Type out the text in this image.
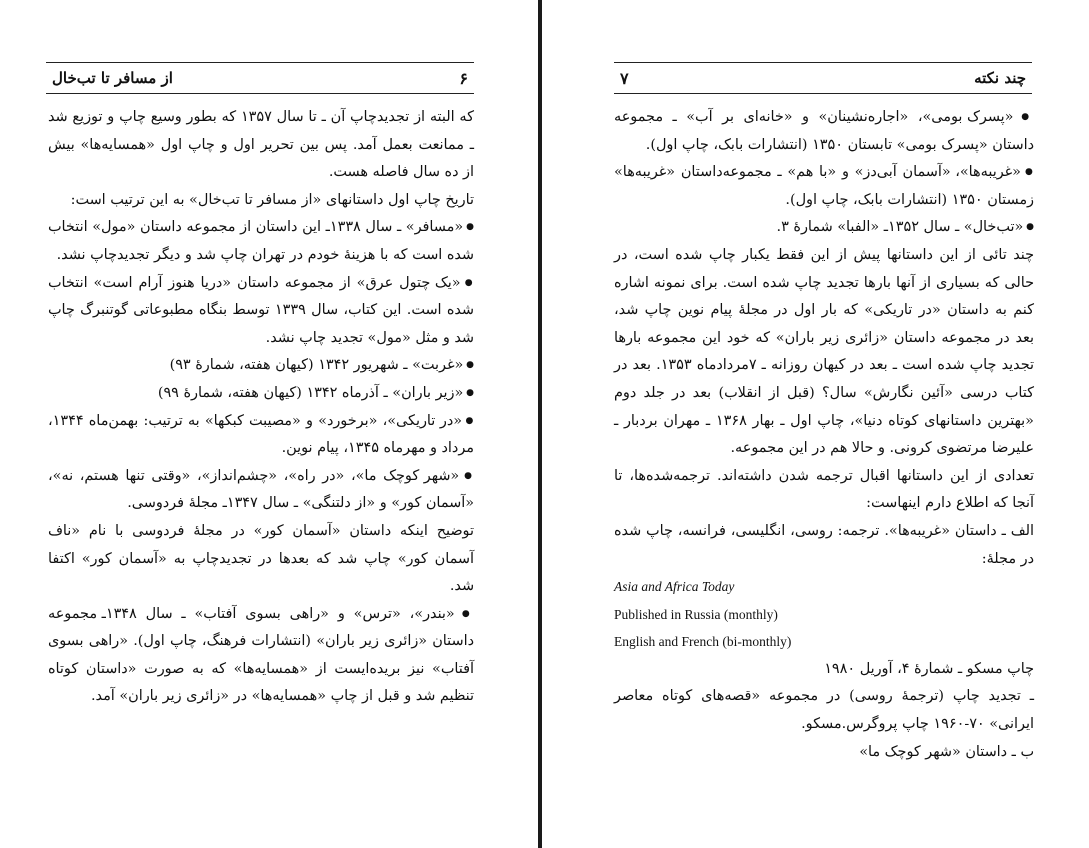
از مسافر تا تب‌خال	۶

که البته از تجدیدچاپ آن ـ تا سال ۱۳۵۷ که بطور وسیع چاپ و توزیع شد ـ ممانعت بعمل آمد. پس بین تحریر اول و چاپ اول «همسایه‌ها» بیش از ده سال فاصله هست.

تاریخ چاپ اول داستانهای «از مسافر تا تب‌خال» به این ترتیب است:

● «مسافر» ـ سال ۱۳۳۸ـ این داستان از مجموعه داستان «مول» انتخاب شده است که با هزینهٔ خودم در تهران چاپ شد و دیگر تجدیدچاپ نشد.

● «یک چتول عرق» از مجموعه داستان «دریا هنوز آرام است» انتخاب شده است. این کتاب، سال ۱۳۳۹ توسط بنگاه مطبوعاتی گوتنبرگ چاپ شد و مثل «مول» تجدید چاپ نشد.

● «غربت» ـ شهریور ۱۳۴۲ (کیهان هفته، شمارهٔ ۹۳)

● «زیر باران» ـ آذرماه ۱۳۴۲ (کیهان هفته، شمارهٔ ۹۹)

● «در تاریکی»، «برخورد» و «مصیبت کبکها» به ترتیب: بهمن‌ماه ۱۳۴۴، مرداد و مهرماه ۱۳۴۵، پیام نوین.

● «شهر کوچک ما»، «در راه»، «چشم‌انداز»، «وقتی تنها هستم، نه»، «آسمان کور» و «از دلتنگی» ـ سال ۱۳۴۷ـ مجلهٔ فردوسی.

توضیح اینکه داستان «آسمان کور» در مجلهٔ فردوسی با نام «ناف آسمان کور» چاپ شد که بعدها در تجدیدچاپ به «آسمان کور» اکتفا شد.

● «بندر»، «ترس» و «راهی بسوی آفتاب» ـ سال ۱۳۴۸ـ مجموعه داستان «زائری زیر باران» (انتشارات فرهنگ، چاپ اول). «راهی بسوی آفتاب» نیز بریده‌ایست از «همسایه‌ها» که به صورت «داستان کوتاه تنظیم شد و قبل از چاپ «همسایه‌ها» در «زائری زیر باران» آمد.

۷	چند نکته

● «پسرک بومی»، «اجاره‌نشینان» و «خانه‌ای بر آب» ـ مجموعه داستان «پسرک بومی» تابستان ۱۳۵۰ (انتشارات بابک، چاپ اول).

● «غریبه‌ها»، «آسمان آبی‌دز» و «با هم» ـ مجموعه‌داستان «غریبه‌ها» زمستان ۱۳۵۰ (انتشارات بابک، چاپ اول).

● «تب‌خال» ـ سال ۱۳۵۲ـ «الفبا» شمارهٔ ۳.

چند تائی از این داستانها پیش از این فقط یکبار چاپ شده است، در حالی که بسیاری از آنها بارها تجدید چاپ شده است. برای نمونه اشاره کنم به داستان «در تاریکی» که بار اول در مجلهٔ پیام نوین چاپ شد، بعد در مجموعه داستان «زائری زیر باران» که خود این مجموعه بارها تجدید چاپ شده است ـ بعد در کیهان روزانه ـ ۷مردادماه ۱۳۵۳. بعد در کتاب درسی «آئین نگارش» سال؟ (قبل از انقلاب) بعد در جلد دوم «بهترین داستانهای کوتاه دنیا»، چاپ اول ـ بهار ۱۳۶۸ ـ مهران بردبار ـ علیرضا مرتضوی کرونی. و حالا هم در این مجموعه.

تعدادی از این داستانها اقبال ترجمه شدن داشته‌اند. ترجمه‌شده‌ها، تا آنجا که اطلاع دارم اینهاست:

الف ـ داستان «غریبه‌ها». ترجمه: روسی، انگلیسی، فرانسه، چاپ شده در مجلهٔ:

Asia and Africa Today

Published in Russia (monthly)

English and French (bi-monthly)

چاپ مسکو ـ شمارهٔ ۴، آوریل ۱۹۸۰

ـ تجدید چاپ (ترجمهٔ روسی) در مجموعه «قصه‌های کوتاه معاصر ایرانی» ۷۰-۱۹۶۰ چاپ پروگرس.مسکو.

ب ـ داستان «شهر کوچک ما»
